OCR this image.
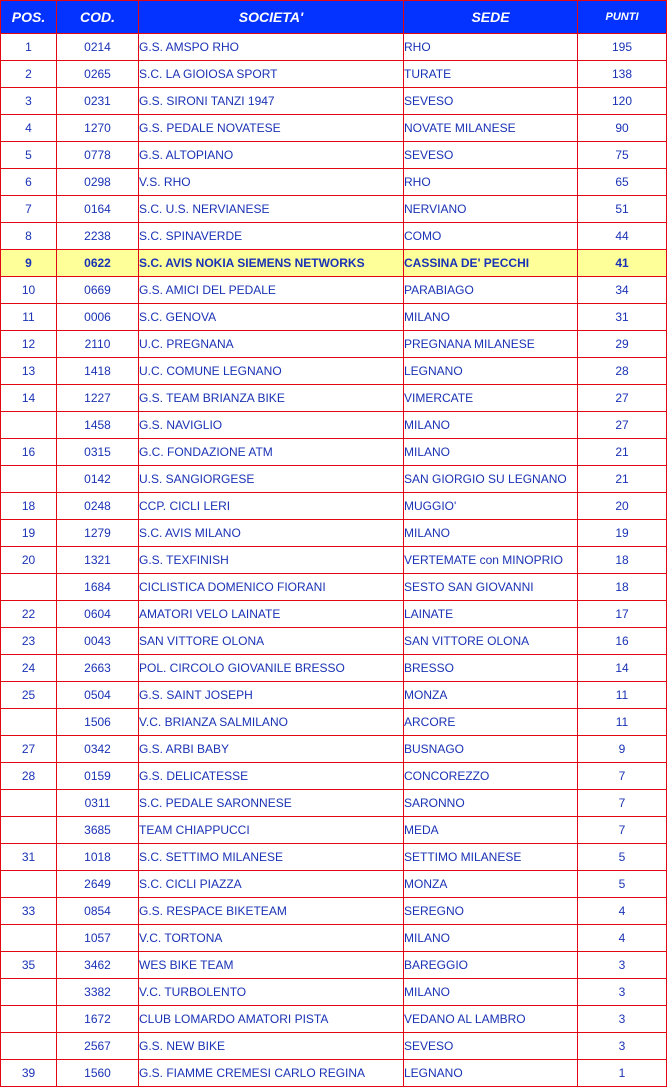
POS.	COD.	SOCIETA'	SEDE	PUNTI
1	0214	G.S. AMSPO RHO	RHO	195
2	0265	S.C. LA GIOIOSA SPORT	TURATE	138
3	0231	G.S. SIRONI TANZI 1947	SEVESO	120
4	1270	G.S. PEDALE NOVATESE	NOVATE MILANESE	90
5	0778	G.S. ALTOPIANO	SEVESO	75
6	0298	V.S. RHO	RHO	65
7	0164	S.C. U.S. NERVIANESE	NERVIANO	51
8	2238	S.C. SPINAVERDE	COMO	44
9	0622	S.C. AVIS NOKIA SIEMENS NETWORKS	CASSINA DE' PECCHI	41
10	0669	G.S. AMICI DEL PEDALE	PARABIAGO	34
11	0006	S.C. GENOVA	MILANO	31
12	2110	U.C. PREGNANA	PREGNANA MILANESE	29
13	1418	U.C. COMUNE LEGNANO	LEGNANO	28
14	1227	G.S. TEAM BRIANZA BIKE	VIMERCATE	27
	1458	G.S. NAVIGLIO	MILANO	27
16	0315	G.C. FONDAZIONE ATM	MILANO	21
	0142	U.S. SANGIORGESE	SAN GIORGIO SU LEGNANO	21
18	0248	CCP. CICLI LERI	MUGGIO'	20
19	1279	S.C. AVIS MILANO	MILANO	19
20	1321	G.S. TEXFINISH	VERTEMATE con MINOPRIO	18
	1684	CICLISTICA DOMENICO FIORANI	SESTO SAN GIOVANNI	18
22	0604	AMATORI VELO LAINATE	LAINATE	17
23	0043	SAN VITTORE OLONA	SAN VITTORE OLONA	16
24	2663	POL. CIRCOLO GIOVANILE BRESSO	BRESSO	14
25	0504	G.S. SAINT JOSEPH	MONZA	11
	1506	V.C. BRIANZA SALMILANO	ARCORE	11
27	0342	G.S. ARBI BABY	BUSNAGO	9
28	0159	G.S. DELICATESSE	CONCOREZZO	7
	0311	S.C. PEDALE SARONNESE	SARONNO	7
	3685	TEAM CHIAPPUCCI	MEDA	7
31	1018	S.C. SETTIMO MILANESE	SETTIMO MILANESE	5
	2649	S.C. CICLI PIAZZA	MONZA	5
33	0854	G.S. RESPACE BIKETEAM	SEREGNO	4
	1057	V.C. TORTONA	MILANO	4
35	3462	WES BIKE TEAM	BAREGGIO	3
	3382	V.C. TURBOLENTO	MILANO	3
	1672	CLUB LOMARDO AMATORI PISTA	VEDANO AL LAMBRO	3
	2567	G.S. NEW BIKE	SEVESO	3
39	1560	G.S. FIAMME CREMESI CARLO REGINA	LEGNANO	1
